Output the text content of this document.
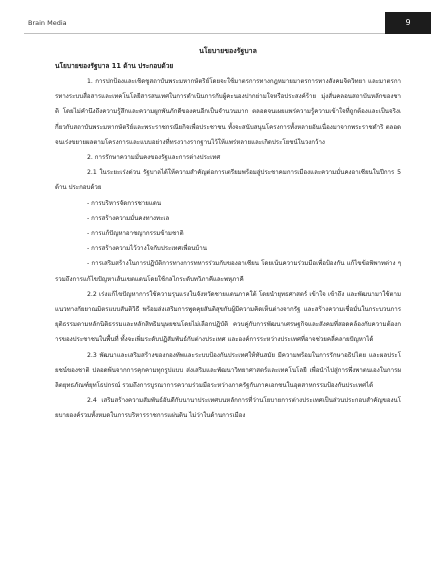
Brain Media	9
นโยบายของรัฐบาล
นโยบายของรัฐบาล 11 ด้าน ประกอบด้วย

1. การปกป้องและเชิดชูสถาบันพระมหากษัตริย์โดยจะใช้มาตรการทางกฎหมายมาตรการทางสังคมจิตวิทยา และมาตรการทางระบบสื่อสารและเทคโนโลยีสารสนเทศในการดำเนินการกับผู้คะนองปากย่ามใจหรือประสงค์ร้าย มุ่งสั่นคลอนสถาบันหลักของชาติ โดยไม่คำนึงถึงความรู้สึกและความผูกพันภักดีของคนอีกเป็นจำนวนมาก ตลอดจนเผยแพร่ความรู้ความเข้าใจที่ถูกต้องและเป็นจริงเกี่ยวกับสถาบันพระมหากษัตริย์และพระราชกรณียกิจเพื่อประชาชน ทั้งจะสนับสนุนโครงการทั้งหลายอันเนื่องมาจากพระราชดำริ ตลอดจนเร่งขยายผลตามโครงการและแบบอย่างที่ทรงวางรากฐานไว้ให้แพร่หลายและเกิดประโยชน์ในวงกว้าง

2. การรักษาความมั่นคงของรัฐและการต่างประเทศ

2.1 ในระยะเร่งด่วน รัฐบาลได้ให้ความสำคัญต่อการเตรียมพร้อมสู่ประชาคมการเมืองและความมั่นคงอาเซียนในปีการ 5 ด้าน ประกอบด้วย

- การบริหารจัดการชายแดน

- การสร้างความมั่นคงทางทะเล

- การแก้ปัญหาอาชญากรรมข้ามชาติ

- การสร้างความไว้วางใจกับประเทศเพื่อนบ้าน

- การเสริมสร้างในการปฏิบัติการทางการทหารร่วมกับของอาเซียน โดยเน้นความร่วมมือเพื่อป้องกัน แก้ไขข้อพิพาทต่าง ๆ รวมถึงการแก้ไขปัญหาเส้นเขตแดนโดยใช้กลไกระดับทวิภาคีและพหุภาคี

2.2 เร่งแก้ไขปัญหาการใช้ความรุนแรงในจังหวัดชายแดนภาคใต้ โดยนำยุทธศาสตร์ เข้าใจ เข้าถึง และพัฒนามาใช้ตามแนวทางกัยยาณมิตรแบบสันติวิธี พร้อมส่งเสริมการพูดคุยสันติสุขกับผู้มีความคิดเห็นต่างจากรัฐ และสร้างความเชื่อมั่นในกระบวนการยุติธรรมตามหลักนิติธรรมและหลักสิทธิมนุษยชนโดยไม่เลือกปฏิบัติ ควบคู่กับการพัฒนาเศรษฐกิจและสังคมที่สอดคล้องกับความต้องการของประชาชนในพื้นที่ ทั้งจะเพิ่มระดับปฏิสัมพันธ์กับต่างประเทศ และองค์การระหว่างประเทศที่อาจช่วยคลี่คลายปัญหาได้

2.3 พัฒนาและเสริมสร้างของกองทัพและระบบป้องกันประเทศให้ทันสมัย มีความพร้อมในการรักษาอธิปไตย และผลประโยชน์ของชาติ ปลอดพ้นจากการคุกคามทุกรูปแบบ ส่งเสริมและพัฒนาวิทยาศาสตร์และเทคโนโลยี เพื่อนำไปสู่การพึ่งพาตนเองในการผลิตยุทธภัณฑ์ยุทโธปกรณ์ รวมถึงการบูรณาการความร่วมมือระหว่างภาครัฐกับภาคเอกชนในอุตสาหกรรมป้องกันประเทศได้

2.4 เสริมสร้างความสัมพันธ์อันดีกับนานาประเทศบนหลักการที่ว่านโยบายการต่างประเทศเป็นส่วนประกอบสำคัญของนโยบายองค์รวมทั้งหมดในการบริหารราชการแผ่นดิน ไม่ว่าในด้านการเมือง
